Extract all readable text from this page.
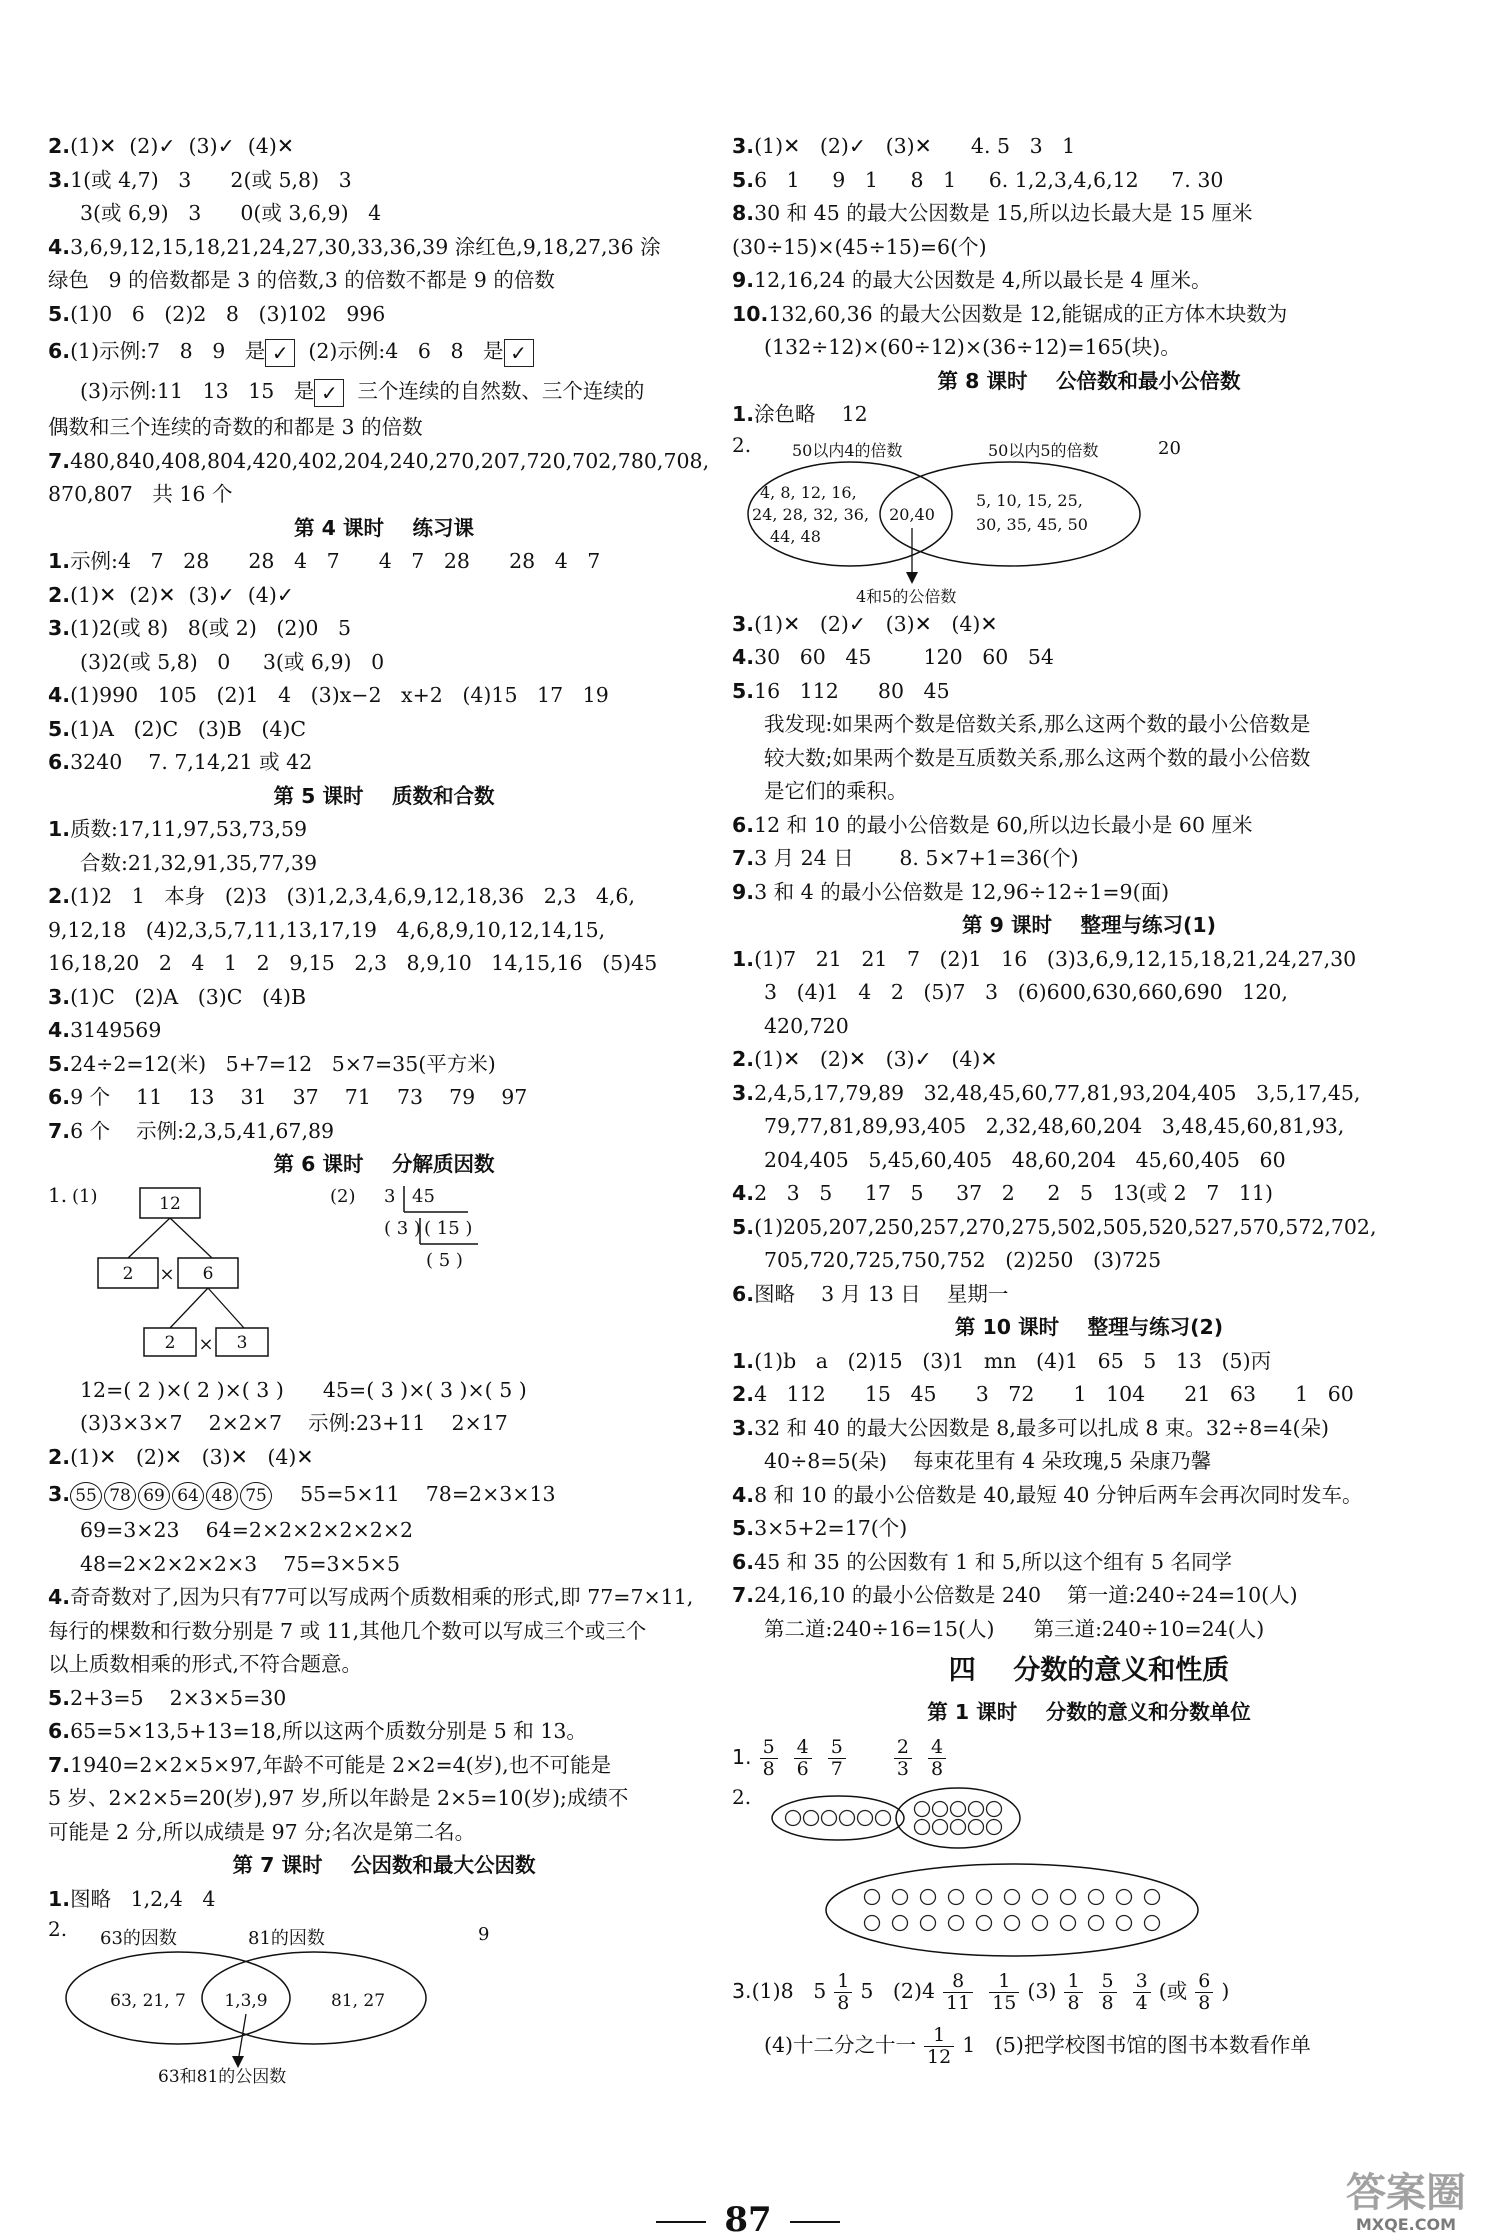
2.(1)✕  (2)✓  (3)✓  (4)✕
3.1(或 4,7)   3      2(或 5,8)   3
3(或 6,9)   3      0(或 3,6,9)   4
4.3,6,9,12,15,18,21,24,27,30,33,36,39 涂红色,9,18,27,36 涂
绿色   9 的倍数都是 3 的倍数,3 的倍数不都是 9 的倍数
5.(1)0   6   (2)2   8   (3)102   996
6.(1)示例:7   8   9   是 ✓  (2)示例:4   6   8   是 ✓
(3)示例:11   13   15   是 ✓  三个连续的自然数、三个连续的
偶数和三个连续的奇数的和都是 3 的倍数
7.480,840,408,804,420,402,204,240,270,207,720,702,780,708,
870,807   共 16 个
第 4 课时    练习课
1.示例:4   7   28      28   4   7      4   7   28      28   4   7
2.(1)✕  (2)✕  (3)✓  (4)✓
3.(1)2(或 8)   8(或 2)   (2)0   5
(3)2(或 5,8)   0     3(或 6,9)   0
4.(1)990   105   (2)1   4   (3)x−2   x+2   (4)15   17   19
5.(1)A   (2)C   (3)B   (4)C
6.3240    7. 7,14,21 或 42
第 5 课时    质数和合数
1.质数:17,11,97,53,73,59
合数:21,32,91,35,77,39
2.(1)2   1   本身   (2)3   (3)1,2,3,4,6,9,12,18,36   2,3   4,6,
9,12,18   (4)2,3,5,7,11,13,17,19   4,6,8,9,10,12,14,15,
16,18,20   2   4   1   2   9,15   2,3   8,9,10   14,15,16   (5)45
3.(1)C   (2)A   (3)C   (4)B
4.3149569
5.24÷2=12(米)   5+7=12   5×7=35(平方米)
6.9 个    11    13    31    37    71    73    79    97
7.6 个    示例:2,3,5,41,67,89
第 6 课时    分解质因数
1. (1)	12
2 × 6
2 × 3
(2) 3 45
( 3 ) ( 15 )
( 5 )
12=( 2 )×( 2 )×( 3 )      45=( 3 )×( 3 )×( 5 )
(3)3×3×7    2×2×7    示例:23+11    2×17
2.(1)✕   (2)✕   (3)✕   (4)✕
3. 55 78 69 64 48 75    55=5×11    78=2×3×13
69=3×23    64=2×2×2×2×2×2
48=2×2×2×2×3    75=3×5×5
4.奇奇数对了,因为只有77可以写成两个质数相乘的形式,即 77=7×11,
每行的棵数和行数分别是 7 或 11,其他几个数可以写成三个或三个
以上质数相乘的形式,不符合题意。
5.2+3=5    2×3×5=30
6.65=5×13,5+13=18,所以这两个质数分别是 5 和 13。
7.1940=2×2×5×97,年龄不可能是 2×2=4(岁),也不可能是
5 岁、2×2×5=20(岁),97 岁,所以年龄是 2×5=10(岁);成绩不
可能是 2 分,所以成绩是 97 分;名次是第二名。
第 7 课时    公因数和最大公因数
1.图略   1,2,4   4
2. 63的因数	81的因数	9
63, 21, 7 1,3,9	81, 27
63和81的公因数
3.(1)✕   (2)✓   (3)✕      4. 5   3   1
5.6   1     9   1     8   1     6. 1,2,3,4,6,12     7. 30
8.30 和 45 的最大公因数是 15,所以边长最大是 15 厘米
(30÷15)×(45÷15)=6(个)
9.12,16,24 的最大公因数是 4,所以最长是 4 厘米。
10.132,60,36 的最大公因数是 12,能锯成的正方体木块数为
(132÷12)×(60÷12)×(36÷12)=165(块)。
第 8 课时    公倍数和最小公倍数
1.涂色略    12
2.	50以内4的倍数	50以内5的倍数	20
4, 8, 12, 16,
24, 28, 32, 36,
44, 48
20,40
5, 10, 15, 25,
30, 35, 45, 50
4和5的公倍数
3.(1)✕   (2)✓   (3)✕   (4)✕
4.30   60   45        120   60   54
5.16   112      80   45
我发现:如果两个数是倍数关系,那么这两个数的最小公倍数是
较大数;如果两个数是互质数关系,那么这两个数的最小公倍数
是它们的乘积。
6.12 和 10 的最小公倍数是 60,所以边长最小是 60 厘米
7.3 月 24 日       8. 5×7+1=36(个)
9.3 和 4 的最小公倍数是 12,96÷12÷1=9(面)
第 9 课时    整理与练习(1)
1.(1)7   21   21   7   (2)1   16   (3)3,6,9,12,15,18,21,24,27,30
3   (4)1   4   2   (5)7   3   (6)600,630,660,690   120,
420,720
2.(1)✕   (2)✕   (3)✓   (4)✕
3.2,4,5,17,79,89   32,48,45,60,77,81,93,204,405   3,5,17,45,
79,77,81,89,93,405   2,32,48,60,204   3,48,45,60,81,93,
204,405   5,45,60,405   48,60,204   45,60,405   60
4.2   3   5     17   5     37   2     2   5   13(或 2   7   11)
5.(1)205,207,250,257,270,275,502,505,520,527,570,572,702,
705,720,725,750,752   (2)250   (3)725
6.图略    3 月 13 日    星期一
第 10 课时    整理与练习(2)
1.(1)b   a   (2)15   (3)1   mn   (4)1   65   5   13   (5)丙
2.4   112      15   45      3   72      1   104      21   63      1   60
3.32 和 40 的最大公因数是 8,最多可以扎成 8 束。32÷8=4(朵)
40÷8=5(朵)    每束花里有 4 朵玫瑰,5 朵康乃馨
4.8 和 10 的最小公倍数是 40,最短 40 分钟后两车会再次同时发车。
5.3×5+2=17(个)
6.45 和 35 的公因数有 1 和 5,所以这个组有 5 名同学
7.24,16,10 的最小公倍数是 240    第一道:240÷24=10(人)
第二道:240÷16=15(人)      第三道:240÷10=24(人)
四    分数的意义和性质
第 1 课时    分数的意义和分数单位
1. $\frac{5}{8} \frac{4}{6} \frac{5}{7}$	$\frac{2}{3} \frac{4}{8}$
2.
3.(1)8   $5 \frac{1}{8} 5$   $(2)4 \frac{8}{11} \frac{1}{15} (3) \frac{1}{8} \frac{5}{8} \frac{3}{4}$ (或 $\frac{6}{8}$ )
(4)十二分之十一 $\frac{1}{12} 1$   (5)把学校图书馆的图书本数看作单
87
答案圈
MXQE.COM
